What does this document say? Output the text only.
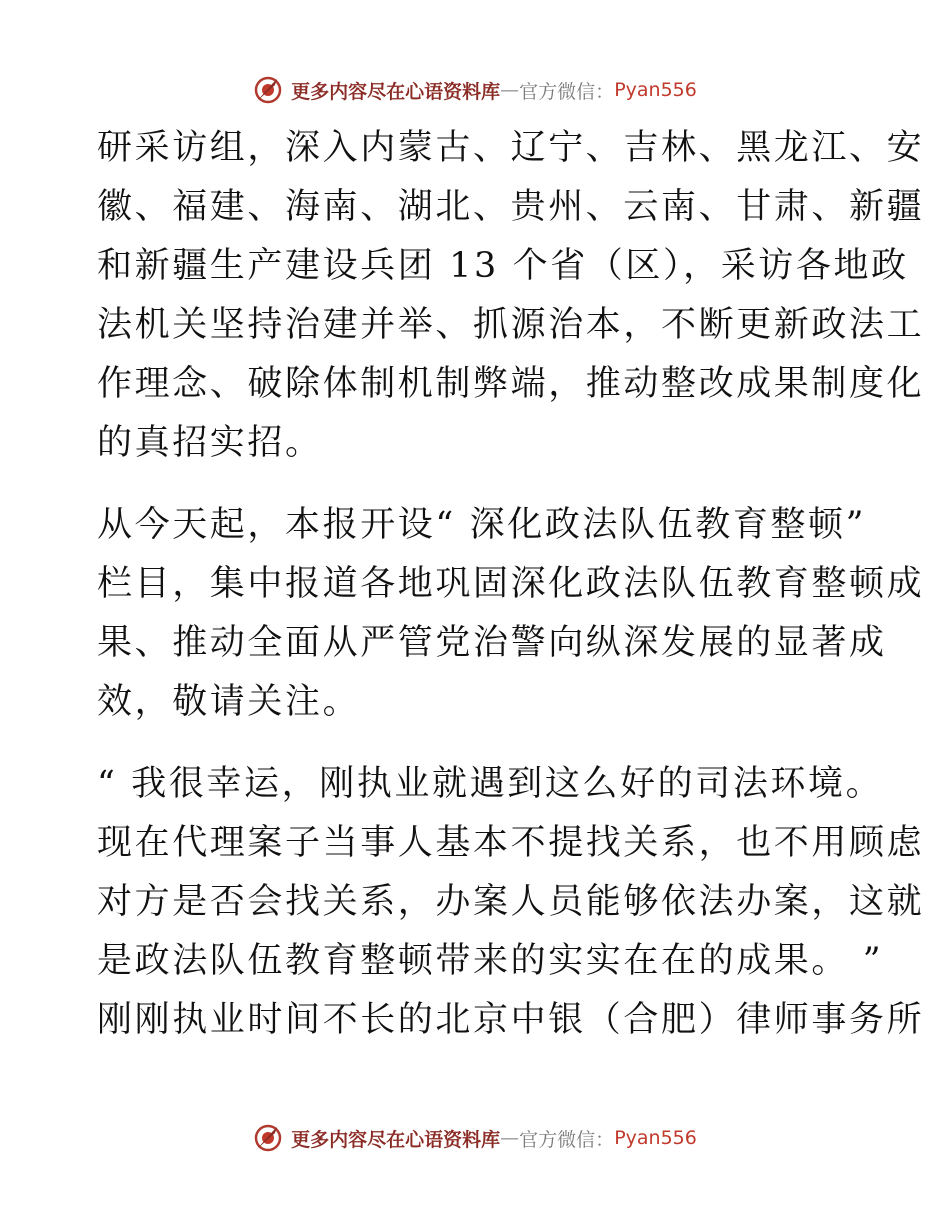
更多内容尽在心语资料库 — 官方微信： Pyan556
研采访组，深入内蒙古、辽宁、吉林、黑龙江、安
徽、福建、海南、湖北、贵州、云南、甘肃、新疆
和新疆生产建设兵团 13 个省（区），采访各地政
法机关坚持治建并举、抓源治本，不断更新政法工
作理念、破除体制机制弊端，推动整改成果制度化
的真招实招。
从今天起，本报开设“ 深化政法队伍教育整顿”
栏目，集中报道各地巩固深化政法队伍教育整顿成
果、推动全面从严管党治警向纵深发展的显著成
效，敬请关注。
“ 我很幸运，刚执业就遇到这么好的司法环境。
现在代理案子当事人基本不提找关系，也不用顾虑
对方是否会找关系，办案人员能够依法办案，这就
是政法队伍教育整顿带来的实实在在的成果。 ”
刚刚执业时间不长的北京中银（合肥）律师事务所
更多内容尽在心语资料库 — 官方微信： Pyan556
